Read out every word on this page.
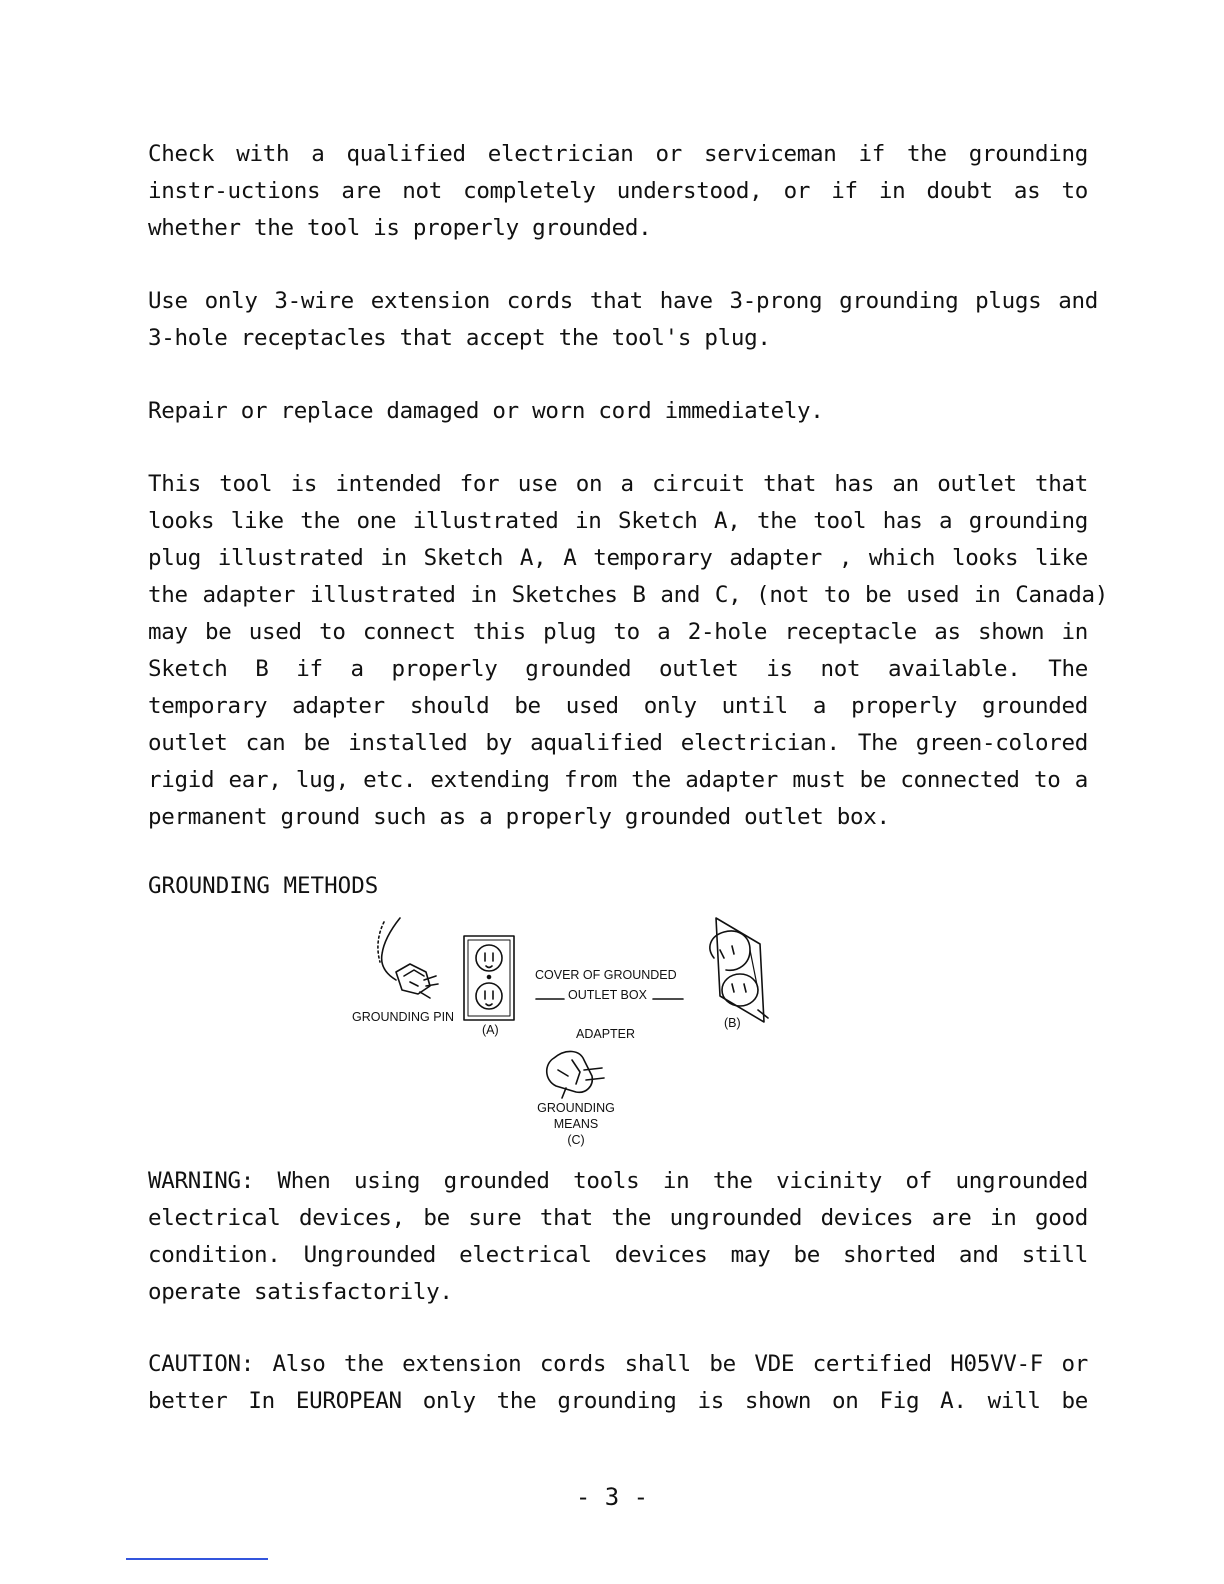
Check with a qualified electrician or serviceman if the grounding
instr-uctions are not completely understood, or if in doubt as to
whether the tool is properly grounded.
Use only 3-wire extension cords that have 3-prong grounding plugs and
3-hole receptacles that accept the tool's plug.
Repair or replace damaged or worn cord immediately.
This tool is intended for use on a circuit that has an outlet that
looks like the one illustrated in Sketch A, the tool has a grounding
plug illustrated in Sketch A, A temporary adapter , which looks like
the adapter illustrated in Sketches B and C, (not to be used in Canada)
may be used to connect this plug to a 2-hole receptacle as shown in
Sketch B if a properly grounded outlet is not available. The
temporary adapter should be used only until a properly grounded
outlet can be installed by aqualified electrician. The green-colored
rigid ear, lug, etc. extending from the adapter must be connected to a
permanent ground such as a properly grounded outlet box.
GROUNDING METHODS
GROUNDING PIN
(A)
COVER OF GROUNDED
OUTLET BOX
(B)
ADAPTER
GROUNDING
MEANS
(C)
WARNING: When using grounded tools in the vicinity of ungrounded
electrical devices, be sure that the ungrounded devices are in good
condition. Ungrounded electrical devices may be shorted and still
operate satisfactorily.
CAUTION: Also the extension cords shall be VDE certified H05VV-F or
better In EUROPEAN only the grounding is shown on Fig A. will be
- 3 -
